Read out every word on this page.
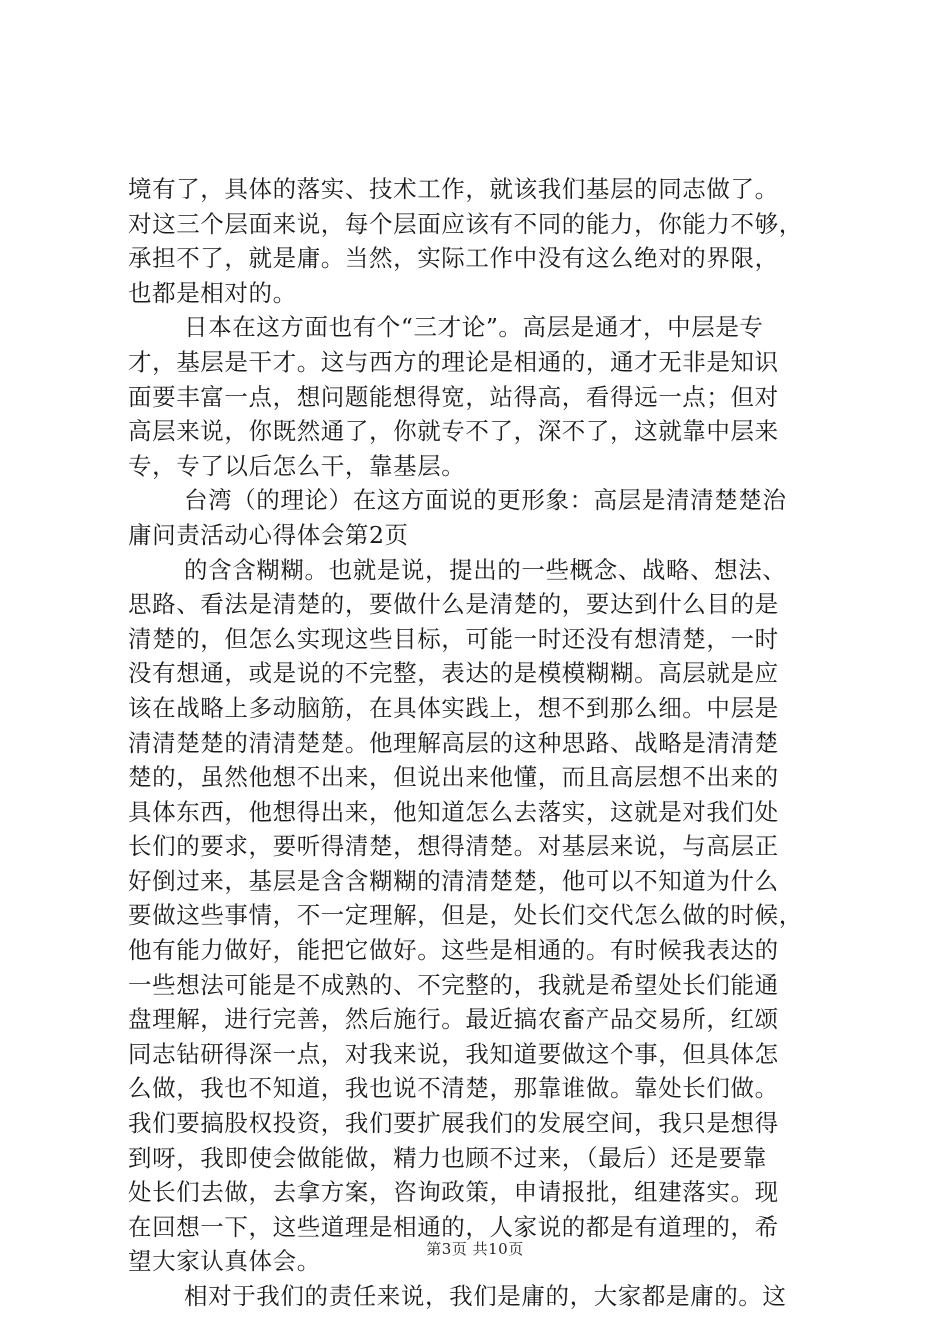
境有了，具体的落实、技术工作，就该我们基层的同志做了。
对这三个层面来说，每个层面应该有不同的能力，你能力不够，
承担不了，就是庸。当然，实际工作中没有这么绝对的界限，
也都是相对的。
日本在这方面也有个“三才论”。高层是通才，中层是专
才，基层是干才。这与西方的理论是相通的，通才无非是知识
面要丰富一点，想问题能想得宽，站得高，看得远一点；但对
高层来说，你既然通了，你就专不了，深不了，这就靠中层来
专，专了以后怎么干，靠基层。
台湾（的理论）在这方面说的更形象：高层是清清楚楚治
庸问责活动心得体会第2页
的含含糊糊。也就是说，提出的一些概念、战略、想法、
思路、看法是清楚的，要做什么是清楚的，要达到什么目的是
清楚的，但怎么实现这些目标，可能一时还没有想清楚，一时
没有想通，或是说的不完整，表达的是模模糊糊。高层就是应
该在战略上多动脑筋，在具体实践上，想不到那么细。中层是
清清楚楚的清清楚楚。他理解高层的这种思路、战略是清清楚
楚的，虽然他想不出来，但说出来他懂，而且高层想不出来的
具体东西，他想得出来，他知道怎么去落实，这就是对我们处
长们的要求，要听得清楚，想得清楚。对基层来说，与高层正
好倒过来，基层是含含糊糊的清清楚楚，他可以不知道为什么
要做这些事情，不一定理解，但是，处长们交代怎么做的时候，
他有能力做好，能把它做好。这些是相通的。有时候我表达的
一些想法可能是不成熟的、不完整的，我就是希望处长们能通
盘理解，进行完善，然后施行。最近搞农畜产品交易所，红颂
同志钻研得深一点，对我来说，我知道要做这个事，但具体怎
么做，我也不知道，我也说不清楚，那靠谁做。靠处长们做。
我们要搞股权投资，我们要扩展我们的发展空间，我只是想得
到呀，我即使会做能做，精力也顾不过来，（最后）还是要靠
处长们去做，去拿方案，咨询政策，申请报批，组建落实。现
在回想一下，这些道理是相通的，人家说的都是有道理的，希
望大家认真体会。
相对于我们的责任来说，我们是庸的，大家都是庸的。这
第3页 共10页
